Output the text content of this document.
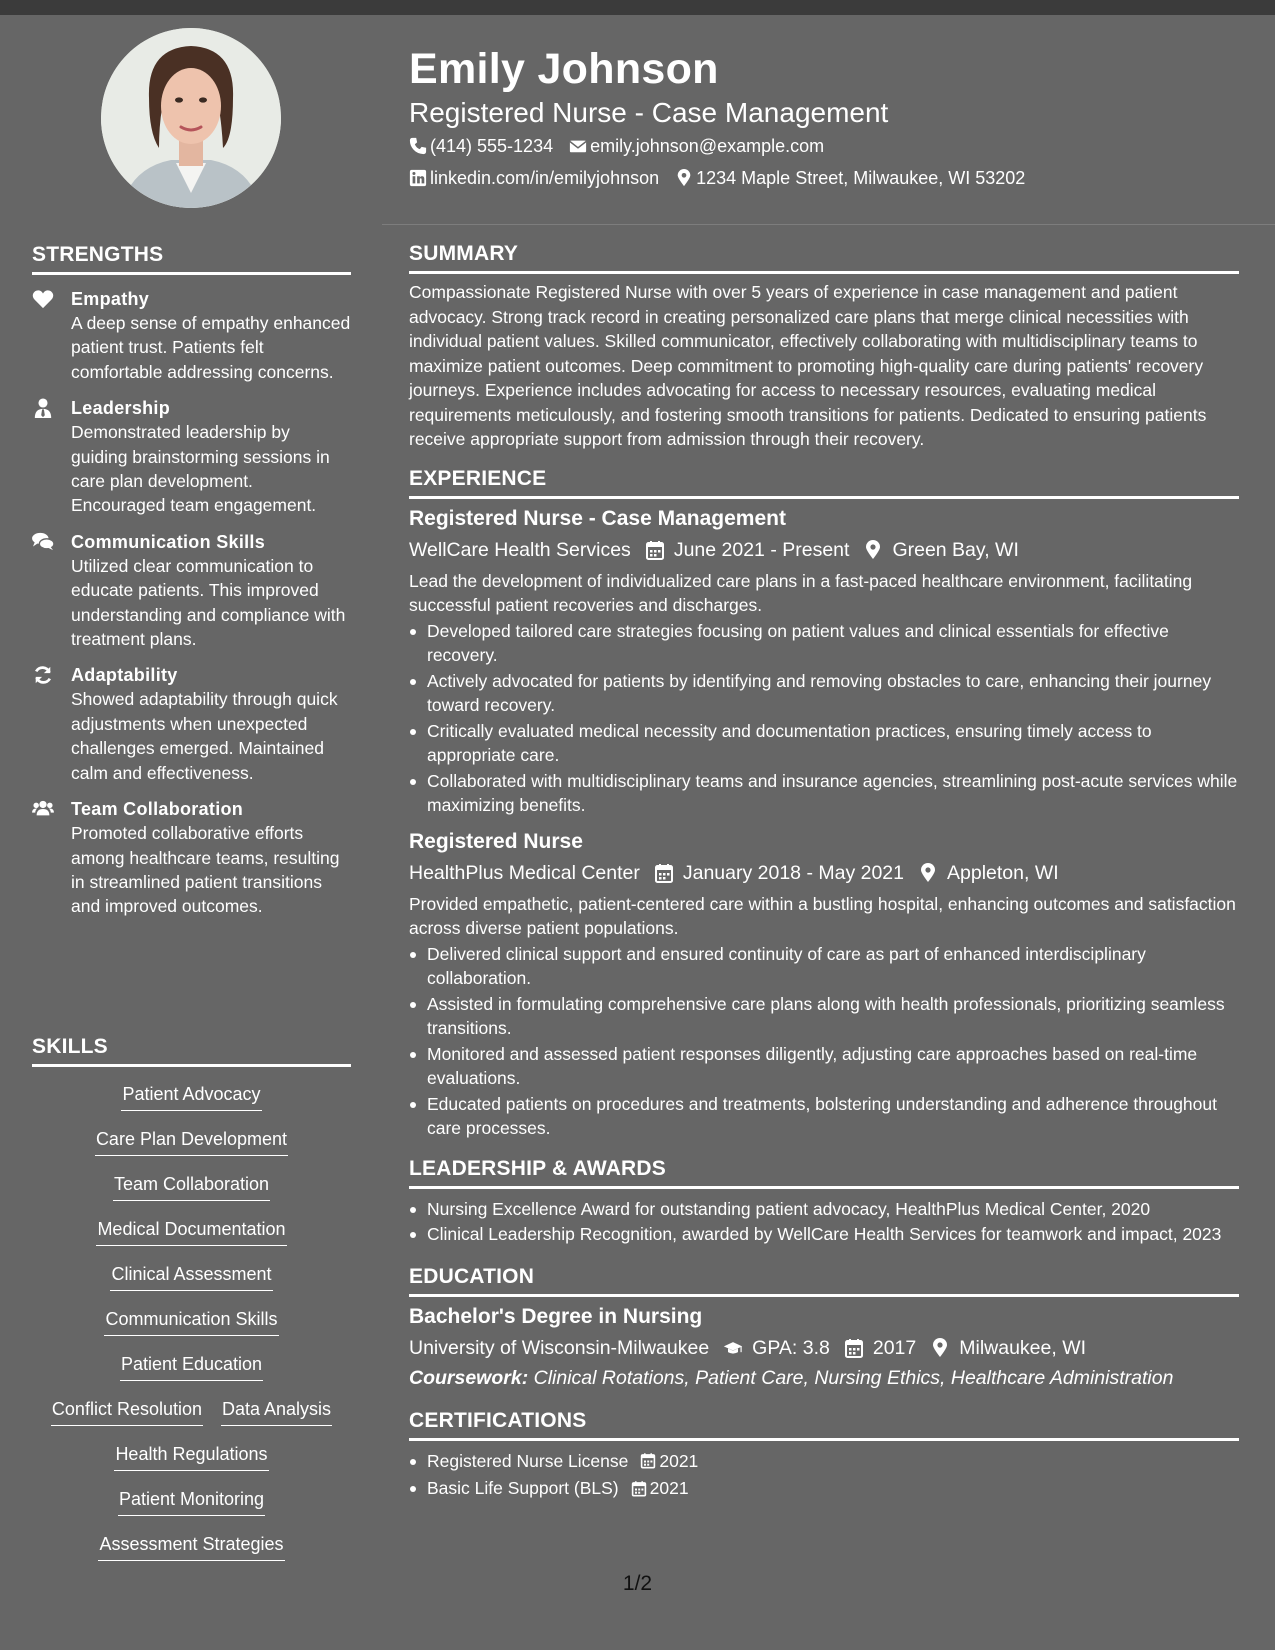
STRENGTHS
Empathy
A deep sense of empathy enhanced patient trust. Patients felt comfortable addressing concerns.
Leadership
Demonstrated leadership by guiding brainstorming sessions in care plan development. Encouraged team engagement.
Communication Skills
Utilized clear communication to educate patients. This improved understanding and compliance with treatment plans.
Adaptability
Showed adaptability through quick adjustments when unexpected challenges emerged. Maintained calm and effectiveness.
Team Collaboration
Promoted collaborative efforts among healthcare teams, resulting in streamlined patient transitions and improved outcomes.
SKILLS
Patient Advocacy
Care Plan Development
Team Collaboration
Medical Documentation
Clinical Assessment
Communication Skills
Patient Education
Conflict Resolution Data Analysis
Health Regulations
Patient Monitoring
Assessment Strategies
Emily Johnson
Registered Nurse - Case Management
(414) 555-1234 emily.johnson@example.com
linkedin.com/in/emilyjohnson 1234 Maple Street, Milwaukee, WI 53202
SUMMARY
Compassionate Registered Nurse with over 5 years of experience in case management and patient advocacy. Strong track record in creating personalized care plans that merge clinical necessities with individual patient values. Skilled communicator, effectively collaborating with multidisciplinary teams to maximize patient outcomes. Deep commitment to promoting high-quality care during patients' recovery journeys. Experience includes advocating for access to necessary resources, evaluating medical requirements meticulously, and fostering smooth transitions for patients. Dedicated to ensuring patients receive appropriate support from admission through their recovery.
EXPERIENCE
Registered Nurse - Case Management
WellCare Health Services June 2021 - Present Green Bay, WI
Lead the development of individualized care plans in a fast-paced healthcare environment, facilitating successful patient recoveries and discharges.
Developed tailored care strategies focusing on patient values and clinical essentials for effective recovery.
Actively advocated for patients by identifying and removing obstacles to care, enhancing their journey toward recovery.
Critically evaluated medical necessity and documentation practices, ensuring timely access to appropriate care.
Collaborated with multidisciplinary teams and insurance agencies, streamlining post-acute services while maximizing benefits.
Registered Nurse
HealthPlus Medical Center January 2018 - May 2021 Appleton, WI
Provided empathetic, patient-centered care within a bustling hospital, enhancing outcomes and satisfaction across diverse patient populations.
Delivered clinical support and ensured continuity of care as part of enhanced interdisciplinary collaboration.
Assisted in formulating comprehensive care plans along with health professionals, prioritizing seamless transitions.
Monitored and assessed patient responses diligently, adjusting care approaches based on real-time evaluations.
Educated patients on procedures and treatments, bolstering understanding and adherence throughout care processes.
LEADERSHIP & AWARDS
Nursing Excellence Award for outstanding patient advocacy, HealthPlus Medical Center, 2020
Clinical Leadership Recognition, awarded by WellCare Health Services for teamwork and impact, 2023
EDUCATION
Bachelor's Degree in Nursing
University of Wisconsin-Milwaukee GPA: 3.8 2017 Milwaukee, WI
Coursework: Clinical Rotations, Patient Care, Nursing Ethics, Healthcare Administration
CERTIFICATIONS
Registered Nurse License 2021
Basic Life Support (BLS) 2021
1/2
